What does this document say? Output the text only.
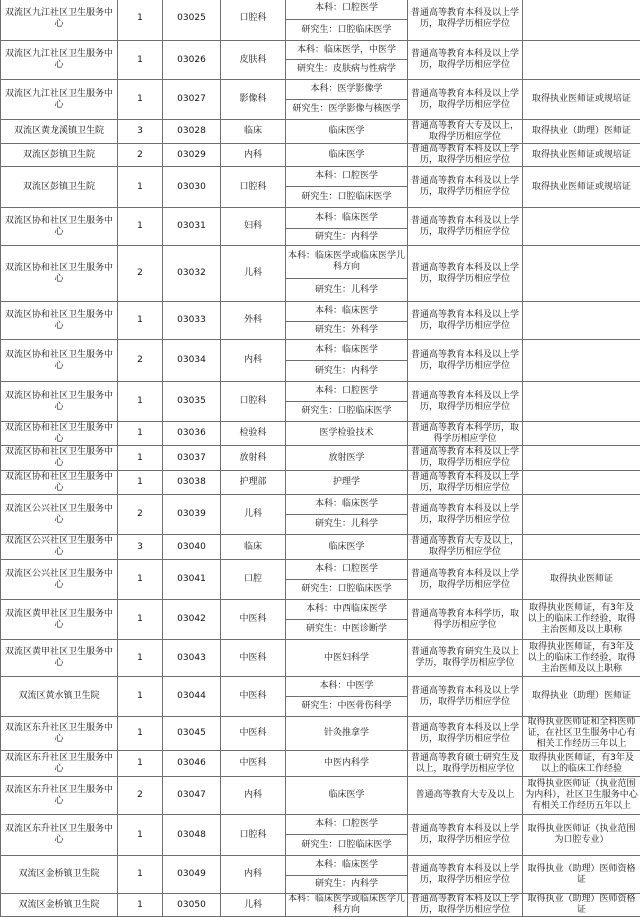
双流区九江社区卫生服务中心	1	03025	口腔科	本科：口腔医学	普通高等教育本科及以上学历，取得学历相应学位	
				研究生：口腔临床医学		
双流区九江社区卫生服务中心	1	03026	皮肤科	本科：临床医学，中医学	普通高等教育本科及以上学历，取得学历相应学位	
				研究生：皮肤病与性病学		
双流区九江社区卫生服务中心	1	03027	影像科	本科：医学影像学	普通高等教育本科及以上学历，取得学历相应学位	取得执业医师证或规培证
				研究生：医学影像与核医学		
双流区黄龙溪镇卫生院	3	03028	临床	临床医学	普通高等教育大专及以上，取得学历相应学位	取得执业（助理）医师证
双流区彭镇卫生院	2	03029	内科	临床医学	普通高等教育本科及以上学历，取得学历相应学位	取得执业医师证或规培证
双流区彭镇卫生院	1	03030	口腔科	本科：口腔医学	普通高等教育本科及以上学历，取得学历相应学位	取得执业医师证或规培证
				研究生：口腔临床医学		
双流区协和社区卫生服务中心	1	03031	妇科	本科：临床医学	普通高等教育本科及以上学历，取得学历相应学位	
				研究生：内科学		
双流区协和社区卫生服务中心	2	03032	儿科	本科：临床医学或临床医学儿科方向	普通高等教育本科及以上学历，取得学历相应学位	
				研究生：儿科学		
双流区协和社区卫生服务中心	1	03033	外科	本科：临床医学	普通高等教育本科及以上学历，取得学历相应学位	
				研究生：外科学		
双流区协和社区卫生服务中心	2	03034	内科	本科：临床医学	普通高等教育本科及以上学历，取得学历相应学位	
				研究生：内科学		
双流区协和社区卫生服务中心	1	03035	口腔科	本科：口腔医学	普通高等教育本科及以上学历，取得学历相应学位	
				研究生：口腔临床医学		
双流区协和社区卫生服务中心	1	03036	检验科	医学检验技术	普通高等教育本科学历，取得学历相应学位	
双流区协和社区卫生服务中心	1	03037	放射科	放射医学	普通高等教育本科及以上学历，取得学历相应学位	
双流区协和社区卫生服务中心	1	03038	护理部	护理学	普通高等教育本科及以上学历，取得学历相应学位	
双流区公兴社区卫生服务中心	2	03039	儿科	本科：临床医学	普通高等教育本科及以上学历，取得学历相应学位	
				研究生：儿科学		
双流区公兴社区卫生服务中心	3	03040	临床	临床医学	普通高等教育大专及以上，取得学历相应学位	
双流区公兴社区卫生服务中心	1	03041	口腔	本科：口腔医学	普通高等教育本科及以上学历，取得学历相应学位	取得执业医师证
				研究生：口腔临床医学		
双流区黄甲社区卫生服务中心	1	03042	中医科	本科：中西临床医学	普通高等教育本科学历，取得学历相应学位	取得执业医师证，有3年及以上的临床工作经验，取得主治医师及以上职称
				研究生：中医诊断学		
双流区黄甲社区卫生服务中心	1	03043	中医科	中医妇科学	普通高等教育研究生及以上学历，取得学历相应学位	取得执业医师证，有3年及以上的临床工作经验，取得主治医师及以上职称
双流区黄水镇卫生院	1	03044	中医科	本科：中医学	普通高等教育本科及以上学历，取得学历相应学位	取得执业（助理）医师证
				研究生：中医骨伤科学		
双流区东升社区卫生服务中心	1	03045	中医科	针灸推拿学	普通高等教育本科及以上学历，取得学历相应学位	取得执业医师证和全科医师证，在社区卫生服务中心有相关工作经历三年以上
双流区东升社区卫生服务中心	1	03046	中医科	中医内科学	普通高等教育硕士研究生及以上，取得学历相应学位	取得执业医师证，有3年及以上的临床工作经验
双流区东升社区卫生服务中心	2	03047	内科	临床医学	普通高等教育大专及以上	取得执业医师证（执业范围为内科），社区卫生服务中心有相关工作经历五年以上
双流区东升社区卫生服务中心	1	03048	口腔科	本科：口腔医学	普通高等教育本科及以上学历，取得学历相应学位	取得执业医师证（执业范围为口腔专业）
				研究生：口腔临床医学		
双流区金桥镇卫生院	1	03049	内科	本科：临床医学	普通高等教育本科及以上学历，取得学历相应学位	取得执业（助理）医师资格证
				研究生：内科学		
双流区金桥镇卫生院	1	03050	儿科	本科：临床医学或临床医学儿科方向	普通高等教育本科及以上学历，取得学历相应学位	取得执业（助理）医师资格证
